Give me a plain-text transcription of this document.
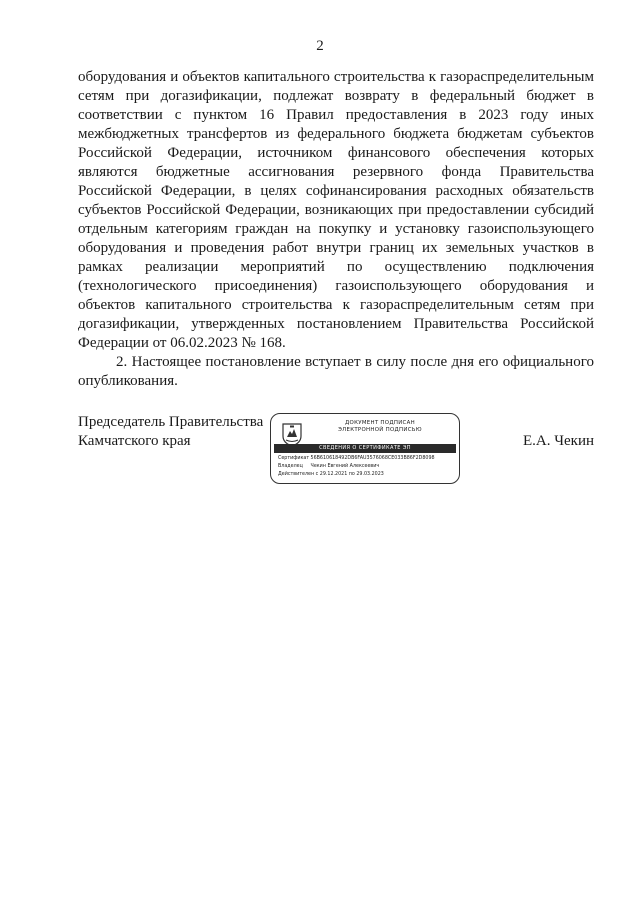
2

оборудования и объектов капитального строительства к газораспределительным сетям при догазификации, подлежат возврату в федеральный бюджет в соответствии с пунктом 16 Правил предоставления в 2023 году иных межбюджетных трансфертов из федерального бюджета бюджетам субъектов Российской Федерации, источником финансового обеспечения которых являются бюджетные ассигнования резервного фонда Правительства Российской Федерации, в целях софинансирования расходных обязательств субъектов Российской Федерации, возникающих при предоставлении субсидий отдельным категориям граждан на покупку и установку газоиспользующего оборудования и проведения работ внутри границ их земельных участков в рамках реализации мероприятий по осуществлению подключения (технологического присоединения) газоиспользующего оборудования и объектов капитального строительства к газораспределительным сетям при догазификации, утвержденных постановлением Правительства Российской Федерации от 06.02.2023 № 168.

2. Настоящее постановление вступает в силу после дня его официального опубликования.

Председатель Правительства
Камчатского края
ДОКУМЕНТ ПОДПИСАН
ЭЛЕКТРОННОЙ ПОДПИСЬЮ
СВЕДЕНИЯ О СЕРТИФИКАТЕ ЭП
Сертификат 56B610618492DB6FAU3576068CE033B86F2D8098
Владелец Чекин Евгений Алексеевич
Действителен с 29.12.2021 по 29.03.2023
Е.А. Чекин
